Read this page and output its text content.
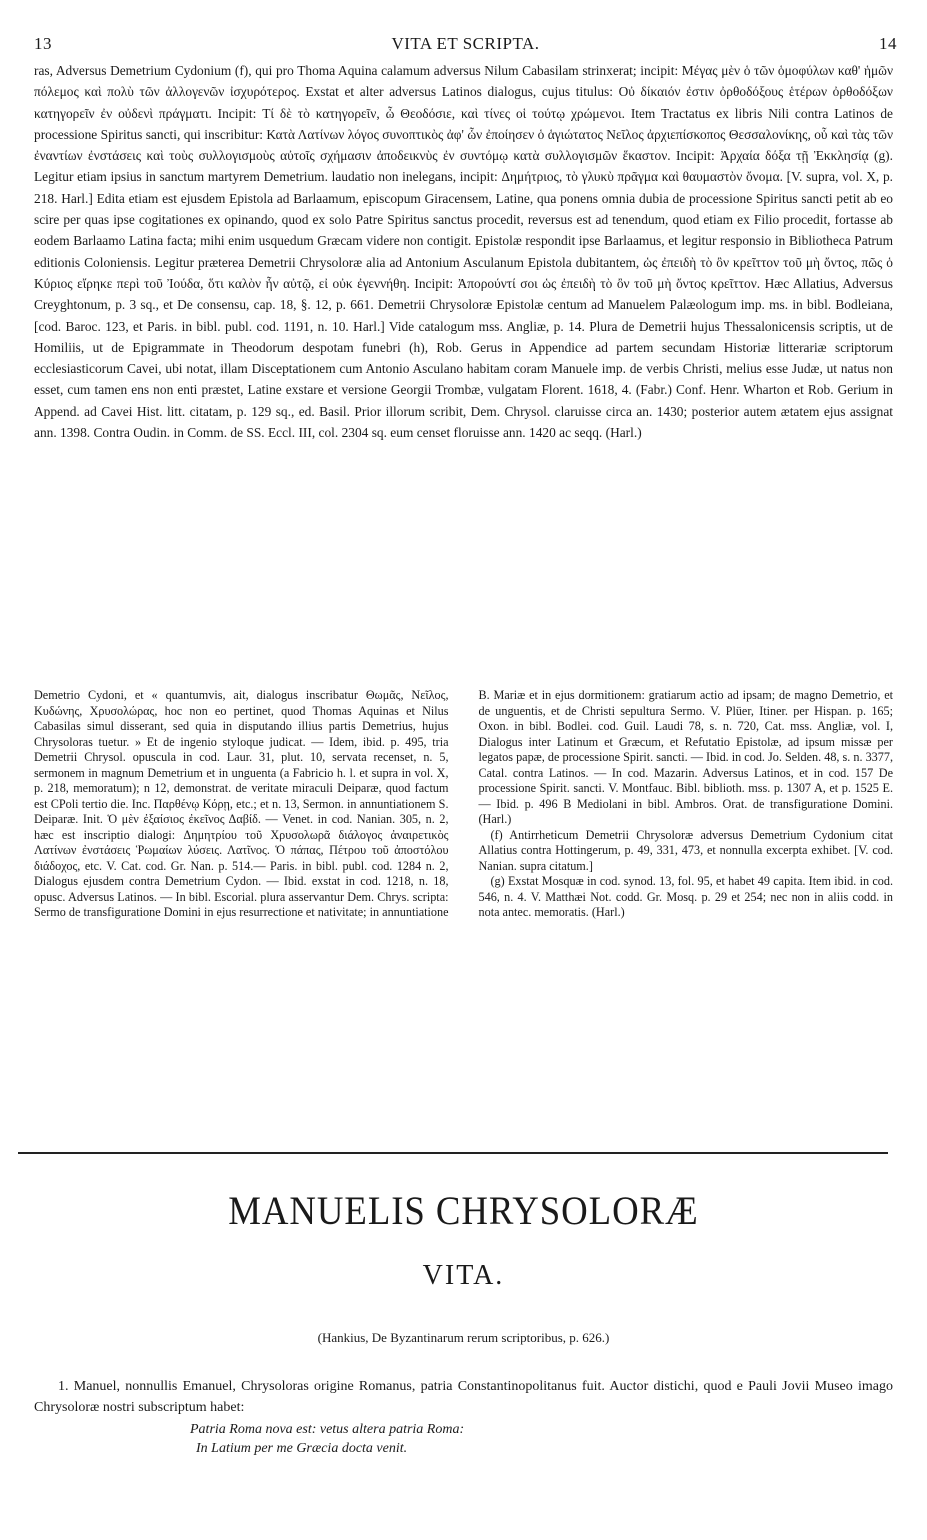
13	VITA ET SCRIPTA.	14

ras, Adversus Demetrium Cydonium (f), qui pro Thoma Aquina calamum adversus Nilum Cabasilam strinxerat; incipit: Μέγας μὲν ὁ τῶν ὁμοφύλων καθ' ἡμῶν πόλεμος καὶ πολὺ τῶν ἀλλογενῶν ἰσχυρότερος. Exstat et alter adversus Latinos dialogus, cujus titulus: Οὐ δίκαιόν ἐστιν ὀρθοδόξους ἑτέρων ὀρθοδόξων κατηγορεῖν ἐν οὐδενὶ πράγματι. Incipit: Τί δὲ τὸ κατηγορεῖν, ὦ Θεοδόσιε, καὶ τίνες οἱ τούτῳ χρώμενοι. Item Tractatus ex libris Nili contra Latinos de processione Spiritus sancti, qui inscribitur: Κατὰ Λατίνων λόγος συνοπτικὸς ἀφ' ὧν ἐποίησεν ὁ ἁγιώτατος Νεῖλος ἀρχιεπίσκοπος Θεσσαλονίκης, οὗ καὶ τὰς τῶν ἐναντίων ἐνστάσεις καὶ τοὺς συλλογισμοὺς αὐτοῖς σχήμασιν ἀποδεικνὺς ἐν συντόμῳ κατὰ συλλογισμῶν ἕκαστον. Incipit: Ἀρχαία δόξα τῇ Ἐκκλησίᾳ (g). Legitur etiam ipsius in sanctum martyrem Demetrium. laudatio non inelegans, incipit: Δημήτριος, τὸ γλυκὺ πρᾶγμα καὶ θαυμαστὸν ὄνομα. [V. supra, vol. X, p. 218. Harl.] Edita etiam est ejusdem Epistola ad Barlaamum, episcopum Giracensem, Latine, qua ponens omnia dubia de processione Spiritus sancti petit ab eo scire per quas ipse cogitationes ex opinando, quod ex solo Patre Spiritus sanctus procedit, reversus est ad tenendum, quod etiam ex Filio procedit, fortasse ab eodem Barlaamo Latina facta; mihi enim usquedum Græcam videre non contigit. Epistolæ respondit ipse Barlaamus, et legitur responsio in Bibliotheca Patrum editionis Coloniensis. Legitur præterea Demetrii Chrysoloræ alia ad Antonium Asculanum Epistola dubitantem, ὡς ἐπειδὴ τὸ ὂν κρεῖττον τοῦ μὴ ὄντος, πῶς ὁ Κύριος εἴρηκε περὶ τοῦ Ἰούδα, ὅτι καλὸν ἦν αὐτῷ, εἰ οὐκ ἐγεννήθη. Incipit: Ἀπορούντί σοι ὡς ἐπειδὴ τὸ ὂν τοῦ μὴ ὄντος κρεῖττον. Hæc Allatius, Adversus Creyghtonum, p. 3 sq., et De consensu, cap. 18, §. 12, p. 661. Demetrii Chrysoloræ Epistolæ centum ad Manuelem Palæologum imp. ms. in bibl. Bodleiana, [cod. Baroc. 123, et Paris. in bibl. publ. cod. 1191, n. 10. Harl.] Vide catalogum mss. Angliæ, p. 14. Plura de Demetrii hujus Thessalonicensis scriptis, ut de Homiliis, ut de Epigrammate in Theodorum despotam funebri (h), Rob. Gerus in Appendice ad partem secundam Historiæ litterariæ scriptorum ecclesiasticorum Cavei, ubi notat, illam Disceptationem cum Antonio Asculano habitam coram Manuele imp. de verbis Christi, melius esse Judæ, ut natus non esset, cum tamen ens non enti præstet, Latine exstare et versione Georgii Trombæ, vulgatam Florent. 1618, 4. (Fabr.) Conf. Henr. Wharton et Rob. Gerium in Append. ad Cavei Hist. litt. citatam, p. 129 sq., ed. Basil. Prior illorum scribit, Dem. Chrysol. claruisse circa an. 1430; posterior autem ætatem ejus assignat ann. 1398. Contra Oudin. in Comm. de SS. Eccl. III, col. 2304 sq. eum censet floruisse ann. 1420 ac seqq. (Harl.)

Demetrio Cydoni, et « quantumvis, ait, dialogus inscribatur Θωμᾶς, Νεῖλος, Κυδώνης, Χρυσολώρας, hoc non eo pertinet, quod Thomas Aquinas et Nilus Cabasilas simul disserant, sed quia in disputando illius partis Demetrius, hujus Chrysoloras tuetur. » Et de ingenio styloque judicat. — Idem, ibid. p. 495, tria Demetrii Chrysol. opuscula in cod. Laur. 31, plut. 10, servata recenset, n. 5, sermonem in magnum Demetrium et in unguenta (a Fabricio h. l. et supra in vol. X, p. 218, memoratum); n 12, demonstrat. de veritate miraculi Deiparæ, quod factum est CPoli tertio die. Inc. Παρθένῳ Κόρῃ, etc.; et n. 13, Sermon. in annuntiationem S. Deiparæ. Init. Ὁ μὲν ἐξαίσιος ἐκεῖνος Δαβίδ. — Venet. in cod. Nanian. 305, n. 2, hæc est inscriptio dialogi: Δημητρίου τοῦ Χρυσολωρᾶ διάλογος ἀναιρετικὸς Λατίνων ἐνστάσεις Ῥωμαίων λύσεις. Λατῖνος. Ὁ πάπας, Πέτρου τοῦ ἀποστόλου διάδοχος, etc. V. Cat. cod. Gr. Nan. p. 514.— Paris. in bibl. publ. cod. 1284 n. 2, Dialogus ejusdem contra Demetrium Cydon. — Ibid. exstat in cod. 1218, n. 18, opusc. Adversus Latinos. — In bibl. Escorial. plura asservantur Dem. Chrys. scripta: Sermo de transfiguratione Domini in ejus resurrectione et nativitate; in annuntiatione B. Mariæ et in ejus dormitionem: gratiarum actio ad ipsam; de magno Demetrio, et de unguentis, et de Christi sepultura Sermo. V. Plüer, Itiner. per Hispan. p. 165; Oxon. in bibl. Bodlei. cod. Guil. Laudi 78, s. n. 720, Cat. mss. Angliæ, vol. I, Dialogus inter Latinum et Græcum, et Refutatio Epistolæ, ad ipsum missæ per legatos papæ, de processione Spirit. sancti. — Ibid. in cod. Jo. Selden. 48, s. n. 3377, Catal. contra Latinos. — In cod. Mazarin. Adversus Latinos, et in cod. 157 De processione Spirit. sancti. V. Montfauc. Bibl. biblioth. mss. p. 1307 A, et p. 1525 E. — Ibid. p. 496 B Mediolani in bibl. Ambros. Orat. de transfiguratione Domini. (Harl.)

(f) Antirrheticum Demetrii Chrysoloræ adversus Demetrium Cydonium citat Allatius contra Hottingerum, p. 49, 331, 473, et nonnulla excerpta exhibet. [V. cod. Nanian. supra citatum.]

(g) Exstat Mosquæ in cod. synod. 13, fol. 95, et habet 49 capita. Item ibid. in cod. 546, n. 4. V. Matthæi Not. codd. Gr. Mosq. p. 29 et 254; nec non in aliis codd. in nota antec. memoratis. (Harl.)

MANUELIS CHRYSOLORÆ
VITA.
(Hankius, De Byzantinarum rerum scriptoribus, p. 626.)
1. Manuel, nonnullis Emanuel, Chrysoloras origine Romanus, patria Constantinopolitanus fuit. Auctor distichi, quod e Pauli Jovii Museo imago Chrysoloræ nostri subscriptum habet:
Patria Roma nova est: vetus altera patria Roma:
In Latium per me Græcia docta venit.
